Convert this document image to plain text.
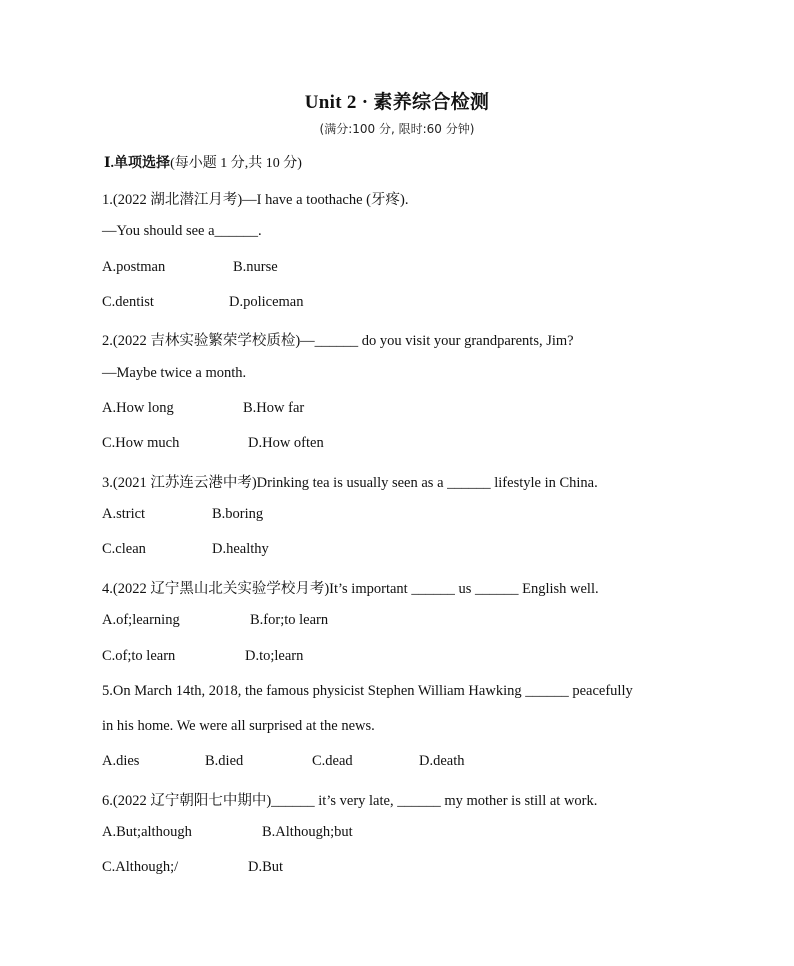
Unit 2 · 素养综合检测
(满分:100 分, 限时:60 分钟)
Ⅰ.单项选择(每小题 1 分,共 10 分)
1.(2022 湖北潜江月考)—I have a toothache (牙疼).
—You should see a______.
A.postman	B.nurse
C.dentist	D.policeman
2.(2022 吉林实验繁荣学校质检)—______ do you visit your grandparents, Jim?
—Maybe twice a month.
A.How long	B.How far
C.How much	D.How often
3.(2021 江苏连云港中考)Drinking tea is usually seen as a ______ lifestyle in China.
A.strict	B.boring
C.clean	D.healthy
4.(2022 辽宁黑山北关实验学校月考)It’s important ______ us ______ English well.
A.of;learning	B.for;to learn
C.of;to learn	D.to;learn
5.On March 14th, 2018, the famous physicist Stephen William Hawking ______ peacefully
in his home. We were all surprised at the news.
A.dies	B.died	C.dead	D.death
6.(2022 辽宁朝阳七中期中)______ it’s very late, ______ my mother is still at work.
A.But;although	B.Although;but
C.Although;/	D.But
